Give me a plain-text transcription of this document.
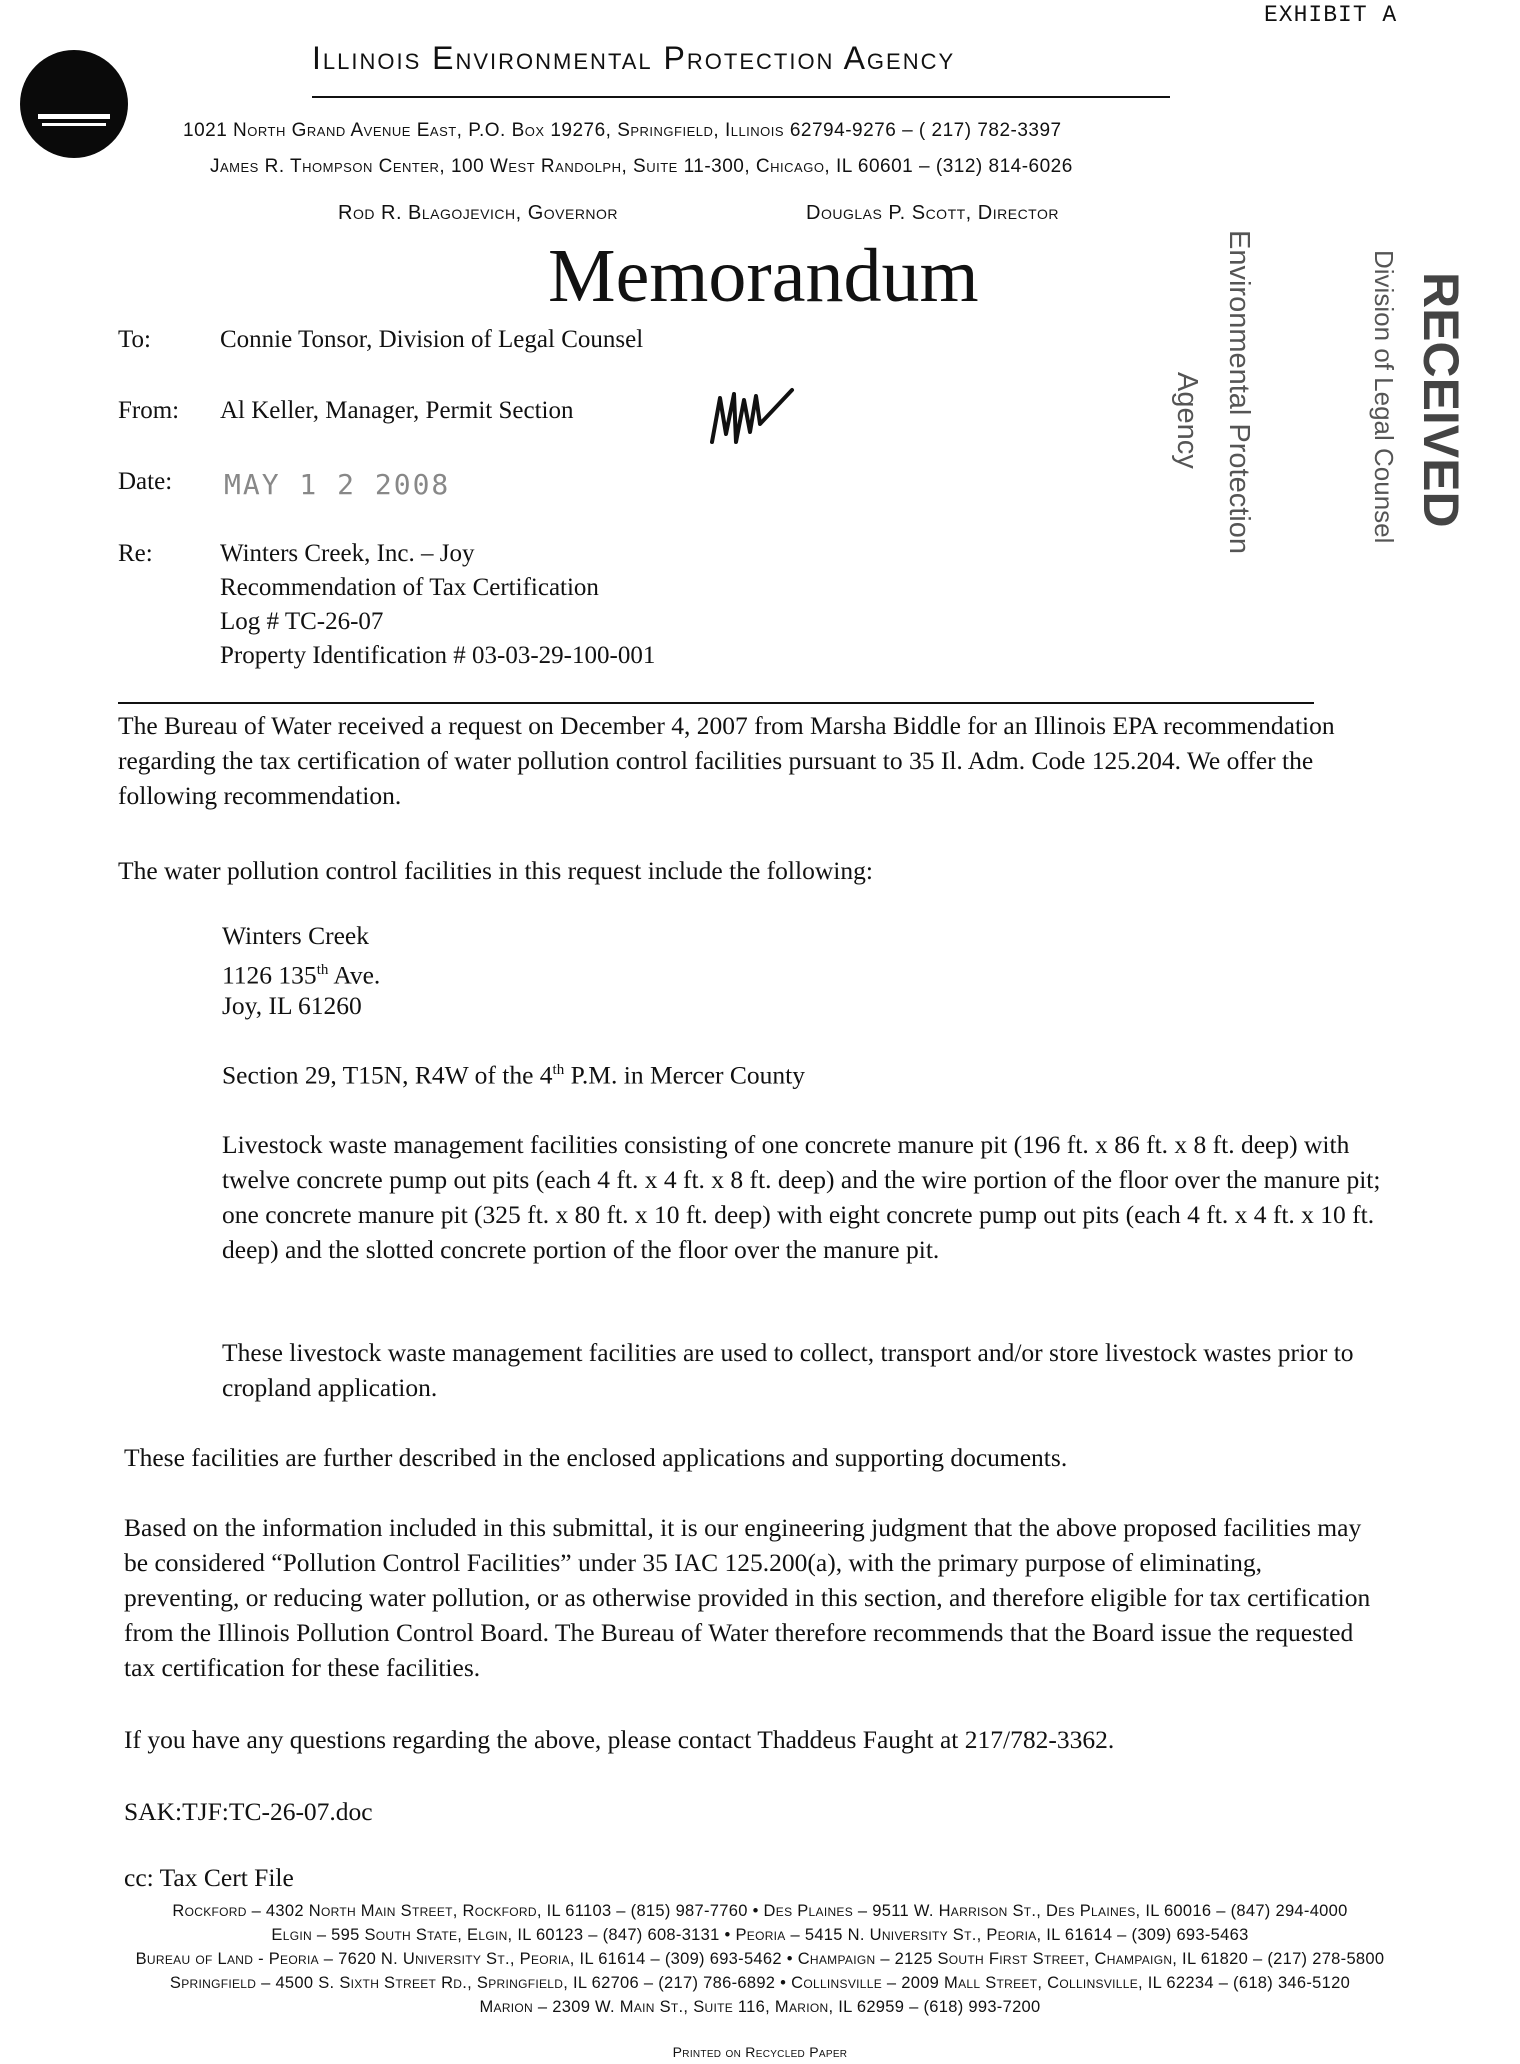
EXHIBIT A
Illinois Environmental Protection Agency
1021 North Grand Avenue East, P.O. Box 19276, Springfield, Illinois 62794-9276 – ( 217) 782-3397
James R. Thompson Center, 100 West Randolph, Suite 11-300, Chicago, IL 60601 – (312) 814-6026
Rod R. Blagojevich, Governor	Douglas P. Scott, Director
Memorandum
To:	Connie Tonsor, Division of Legal Counsel
From: Al Keller, Manager, Permit Section
Date: MAY 1 2 2008
Re:	Winters Creek, Inc. – Joy
Recommendation of Tax Certification
Log # TC-26-07
Property Identification # 03-03-29-100-001
Environmental Protection
Agency	RECEIVED
Division of Legal Counsel
The Bureau of Water received a request on December 4, 2007 from Marsha Biddle for an Illinois EPA recommendation regarding the tax certification of water pollution control facilities pursuant to 35 Il. Adm. Code 125.204. We offer the following recommendation.
The water pollution control facilities in this request include the following:
Winters Creek
1126 135th Ave.
Joy, IL 61260
Section 29, T15N, R4W of the 4th P.M. in Mercer County
Livestock waste management facilities consisting of one concrete manure pit (196 ft. x 86 ft. x 8 ft. deep) with twelve concrete pump out pits (each 4 ft. x 4 ft. x 8 ft. deep) and the wire portion of the floor over the manure pit; one concrete manure pit (325 ft. x 80 ft. x 10 ft. deep) with eight concrete pump out pits (each 4 ft. x 4 ft. x 10 ft. deep) and the slotted concrete portion of the floor over the manure pit.
These livestock waste management facilities are used to collect, transport and/or store livestock wastes prior to cropland application.
These facilities are further described in the enclosed applications and supporting documents.
Based on the information included in this submittal, it is our engineering judgment that the above proposed facilities may be considered “Pollution Control Facilities” under 35 IAC 125.200(a), with the primary purpose of eliminating, preventing, or reducing water pollution, or as otherwise provided in this section, and therefore eligible for tax certification from the Illinois Pollution Control Board. The Bureau of Water therefore recommends that the Board issue the requested tax certification for these facilities.
If you have any questions regarding the above, please contact Thaddeus Faught at 217/782-3362.
SAK:TJF:TC-26-07.doc
cc: Tax Cert File
Rockford – 4302 North Main Street, Rockford, IL 61103 – (815) 987-7760 • Des Plaines – 9511 W. Harrison St., Des Plaines, IL 60016 – (847) 294-4000
Elgin – 595 South State, Elgin, IL 60123 – (847) 608-3131 • Peoria – 5415 N. University St., Peoria, IL 61614 – (309) 693-5463
Bureau of Land - Peoria – 7620 N. University St., Peoria, IL 61614 – (309) 693-5462 • Champaign – 2125 South First Street, Champaign, IL 61820 – (217) 278-5800
Springfield – 4500 S. Sixth Street Rd., Springfield, IL 62706 – (217) 786-6892 • Collinsville – 2009 Mall Street, Collinsville, IL 62234 – (618) 346-5120
Marion – 2309 W. Main St., Suite 116, Marion, IL 62959 – (618) 993-7200
Printed on Recycled Paper
